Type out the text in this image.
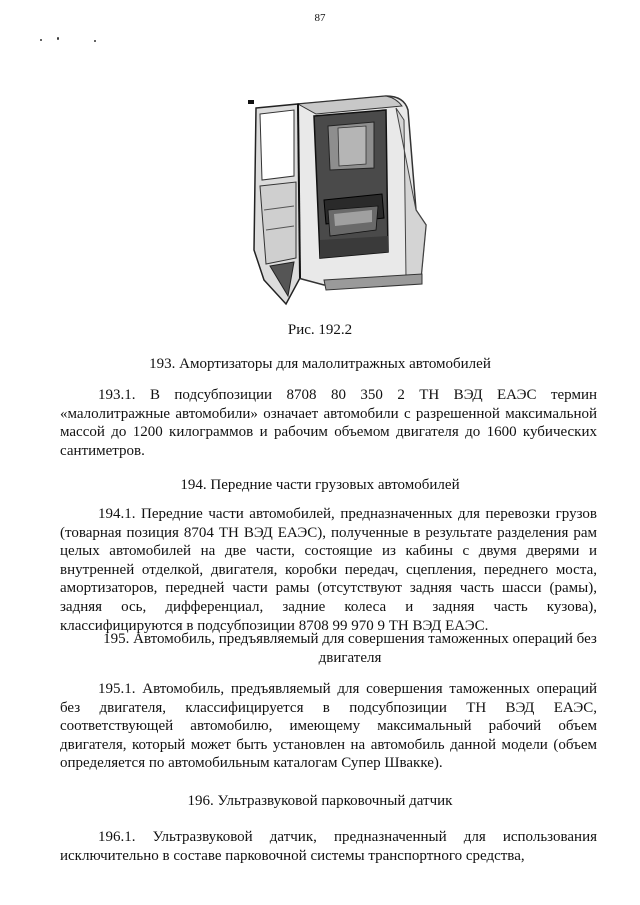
87
Рис. 192.2
193. Амортизаторы для малолитражных автомобилей
193.1. В подсубпозиции 8708 80 350 2 ТН ВЭД ЕАЭС термин «малолитражные автомобили» означает автомобили с разрешенной максимальной массой до 1200 килограммов и рабочим объемом двигателя до 1600 кубических сантиметров.
194. Передние части грузовых автомобилей
194.1. Передние части автомобилей, предназначенных для перевозки грузов (товарная позиция 8704 ТН ВЭД ЕАЭС), полученные в результате разделения рам целых автомобилей на две части, состоящие из кабины с двумя дверями и внутренней отделкой, двигателя, коробки передач, сцепления, переднего моста, амортизаторов, передней части рамы (отсутствуют задняя часть шасси (рамы), задняя ось, дифференциал, задние колеса и задняя часть кузова), классифицируются в подсубпозиции 8708 99 970 9 ТН ВЭД ЕАЭС.
195. Автомобиль, предъявляемый для совершения таможенных операций без двигателя
195.1. Автомобиль, предъявляемый для совершения таможенных операций без двигателя, классифицируется в подсубпозиции ТН ВЭД ЕАЭС, соответствующей автомобилю, имеющему максимальный рабочий объем двигателя, который может быть установлен на автомобиль данной модели (объем определяется по автомобильным каталогам Супер Швакке).
196. Ультразвуковой парковочный датчик
196.1. Ультразвуковой датчик, предназначенный для использования исключительно в составе парковочной системы транспортного средства,
